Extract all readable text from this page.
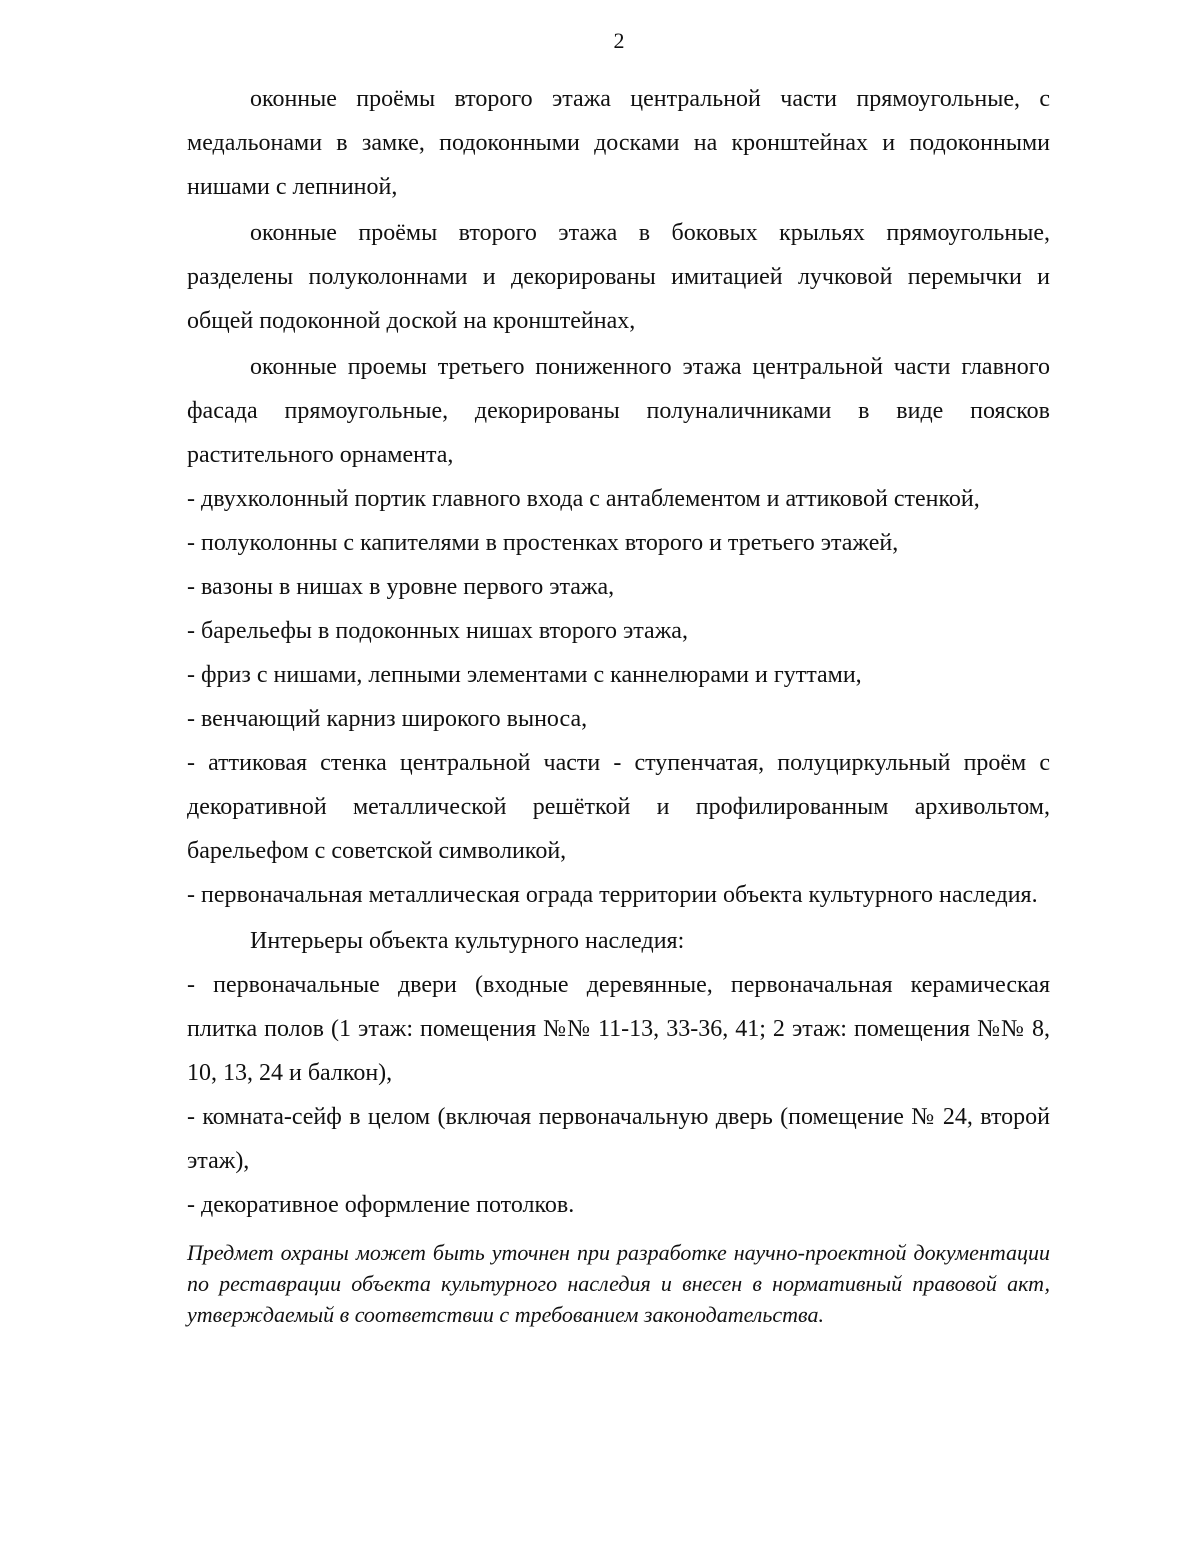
2

оконные проёмы второго этажа центральной части прямоугольные, с медальонами в замке, подоконными досками на кронштейнах и подоконными нишами с лепниной,

оконные проёмы второго этажа в боковых крыльях прямоугольные, разделены полуколоннами и декорированы имитацией лучковой перемычки и общей подоконной доской на кронштейнах,

оконные проемы третьего пониженного этажа центральной части главного фасада прямоугольные, декорированы полуналичниками в виде поясков растительного орнамента,

- двухколонный портик главного входа с антаблементом и аттиковой стенкой,

- полуколонны с капителями в простенках второго и третьего этажей,

- вазоны в нишах в уровне первого этажа,

- барельефы в подоконных нишах второго этажа,

- фриз с нишами, лепными элементами с каннелюрами и гуттами,

- венчающий карниз широкого выноса,

- аттиковая стенка центральной части - ступенчатая, полуциркульный проём с декоративной металлической решёткой и профилированным архивольтом, барельефом с советской символикой,

- первоначальная металлическая ограда территории объекта культурного наследия.

Интерьеры объекта культурного наследия:

- первоначальные двери (входные деревянные, первоначальная керамическая плитка полов (1 этаж: помещения №№ 11-13, 33-36, 41; 2 этаж: помещения №№ 8, 10, 13, 24 и балкон),

- комната-сейф в целом (включая первоначальную дверь (помещение № 24, второй этаж),

- декоративное оформление потолков.

Предмет охраны может быть уточнен при разработке научно-проектной документации по реставрации объекта культурного наследия и внесен в нормативный правовой акт, утверждаемый в соответствии с требованием законодательства.
